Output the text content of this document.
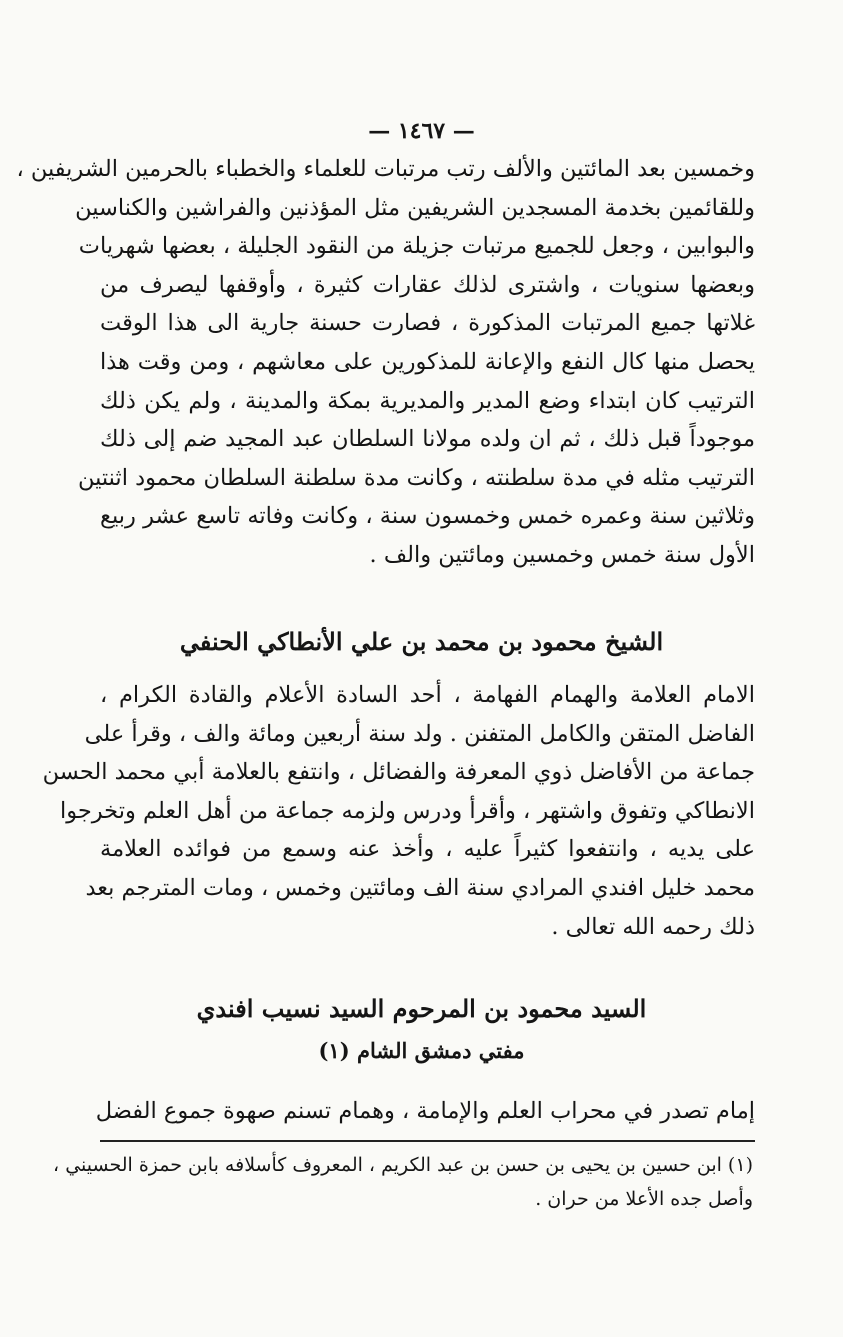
— ١٤٦٧ —
وخمسين بعد المائتين والألف رتب مرتبات للعلماء والخطباء بالحرمين الشريفين ،
وللقائمين بخدمة المسجدين الشريفين مثل المؤذنين والفراشين والكناسين
والبوابين ، وجعل للجميع مرتبات جزيلة من النقود الجليلة ، بعضها شهريات
وبعضها سنويات ، واشترى لذلك عقارات كثيرة ، وأوقفها ليصرف من
غلاتها جميع المرتبات المذكورة ، فصارت حسنة جارية الى هذا الوقت
يحصل منها كال النفع والإعانة للمذكورين على معاشهم ، ومن وقت هذا
الترتيب كان ابتداء وضع المدير والمديرية بمكة والمدينة ، ولم يكن ذلك
موجوداً قبل ذلك ، ثم ان ولده مولانا السلطان عبد المجيد ضم إلى ذلك
الترتيب مثله في مدة سلطنته ، وكانت مدة سلطنة السلطان محمود اثنتين
وثلاثين سنة وعمره خمس وخمسون سنة ، وكانت وفاته تاسع عشر ربيع
الأول سنة خمس وخمسين ومائتين والف .
الشيخ محمود بن محمد بن علي الأنطاكي الحنفي
الامام العلامة والهمام الفهامة ، أحد السادة الأعلام والقادة الكرام ،
الفاضل المتقن والكامل المتفنن . ولد سنة أربعين ومائة والف ، وقرأ على
جماعة من الأفاضل ذوي المعرفة والفضائل ، وانتفع بالعلامة أبي محمد الحسن
الانطاكي وتفوق واشتهر ، وأقرأ ودرس ولزمه جماعة من أهل العلم وتخرجوا
على يديه ، وانتفعوا كثيراً عليه ، وأخذ عنه وسمع من فوائده العلامة
محمد خليل افندي المرادي سنة الف ومائتين وخمس ، ومات المترجم بعد
ذلك رحمه الله تعالى .
السيد محمود بن المرحوم السيد نسيب افندي
مفتي دمشق الشام (١)
إمام تصدر في محراب العلم والإمامة ، وهمام تسنم صهوة جموع الفضل
(١) ابن حسين بن يحيى بن حسن بن عبد الكريم ، المعروف كأسلافه بابن حمزة الحسيني ،
وأصل جده الأعلا من حران .
